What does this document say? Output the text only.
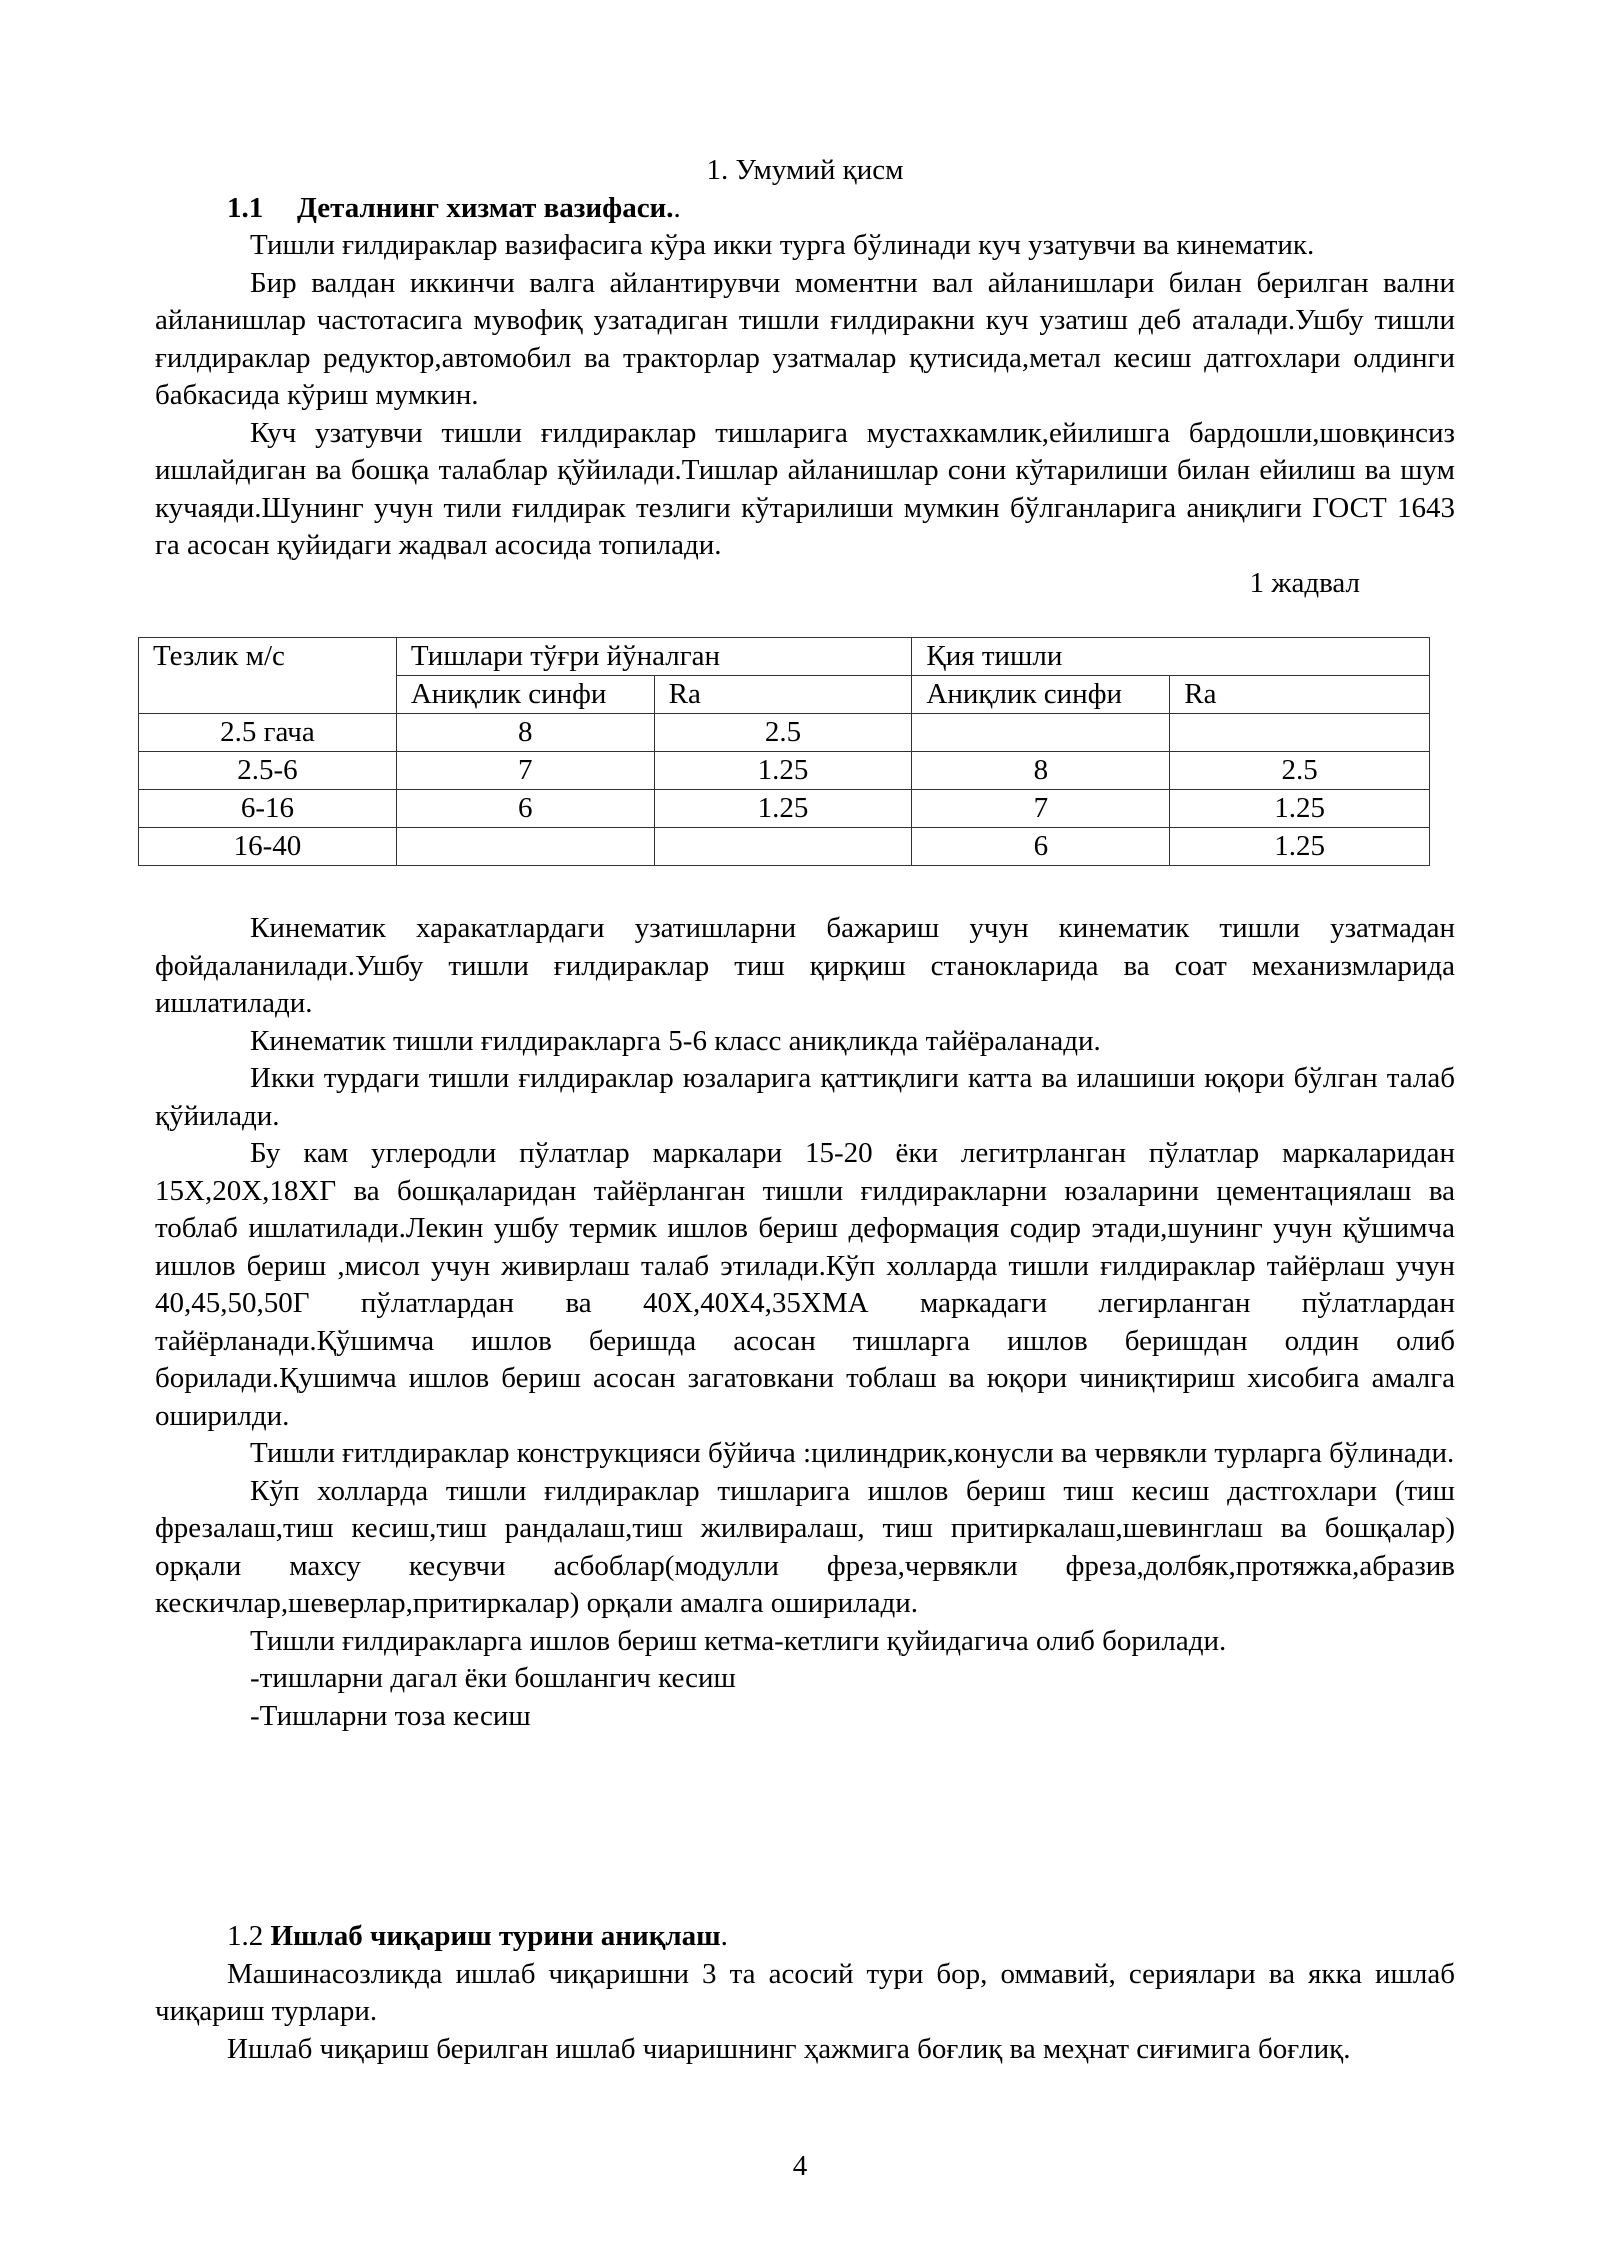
1. Умумий қисм

1.1 Деталнинг хизмат вазифаси..

Тишли ғилдираклар вазифасига кўра икки турга бўлинади куч узатувчи ва кинематик.

Бир валдан иккинчи валга айлантирувчи моментни вал айланишлари билан берилган вални айланишлар частотасига мувофиқ узатадиган тишли ғилдиракни куч узатиш деб аталади.Ушбу тишли ғилдираклар редуктор,автомобил ва тракторлар узатмалар қутисида,метал кесиш датгохлари олдинги бабкасида кўриш мумкин.

Куч узатувчи тишли ғилдираклар тишларига мустахкамлик,ейилишга бардошли,шовқинсиз ишлайдиган ва бошқа талаблар қўйилади.Тишлар айланишлар сони кўтарилиши билан ейилиш ва шум кучаяди.Шунинг учун тили ғилдирак тезлиги кўтарилиши мумкин бўлганларига аниқлиги ГОСТ 1643 га асосан қуйидаги жадвал асосида топилади.

1 жадвал

Тезлик м/с	Тишлари тўғри йўналган		Қия тишли	
	Аниқлик синфи	Ra	Аниқлик синфи	Ra
2.5 гача	8	2.5		
2.5-6	7	1.25	8	2.5
6-16	6	1.25	7	1.25
16-40			6	1.25

Кинематик харакатлардаги узатишларни бажариш учун кинематик тишли узатмадан фойдаланилади.Ушбу тишли ғилдираклар тиш қирқиш станокларида ва соат механизмларида ишлатилади.

Кинематик тишли ғилдиракларга 5-6 класс аниқликда тайёраланади.

Икки турдаги тишли ғилдираклар юзаларига қаттиқлиги катта ва илашиши юқори бўлган талаб қўйилади.

Бу кам углеродли пўлатлар маркалари 15-20 ёки легитрланган пўлатлар маркаларидан 15Х,20Х,18ХГ ва бошқаларидан тайёрланган тишли ғилдиракларни юзаларини цементациялаш ва тоблаб ишлатилади.Лекин ушбу термик ишлов бериш деформация содир этади,шунинг учун қўшимча ишлов бериш ,мисол учун живирлаш талаб этилади.Кўп холларда тишли ғилдираклар тайёрлаш учун 40,45,50,50Г пўлатлардан ва 40Х,40Х4,35ХМА маркадаги легирланган пўлатлардан тайёрланади.Қўшимча ишлов беришда асосан тишларга ишлов беришдан олдин олиб борилади.Қушимча ишлов бериш асосан загатовкани тоблаш ва юқори чиниқтириш хисобига амалга оширилди.

Тишли ғитлдираклар конструкцияси бўйича :цилиндрик,конусли ва червякли турларга бўлинади.

Кўп холларда тишли ғилдираклар тишларига ишлов бериш тиш кесиш дастгохлари (тиш фрезалаш,тиш кесиш,тиш рандалаш,тиш жилвиралаш, тиш притиркалаш,шевинглаш ва бошқалар) орқали махсу кесувчи асбоблар(модулли фреза,червякли фреза,долбяк,протяжка,абразив кескичлар,шеверлар,притиркалар) орқали амалга оширилади.

Тишли ғилдиракларга ишлов бериш кетма-кетлиги қуйидагича олиб борилади.

-тишларни дагал ёки бошлангич кесиш

-Тишларни тоза кесиш

1.2 Ишлаб чиқариш турини аниқлаш.

Машинасозликда ишлаб чиқаришни 3 та асосий тури бор, оммавий, сериялари ва якка ишлаб чиқариш турлари.

Ишлаб чиқариш берилган ишлаб чиаришнинг ҳажмига боғлиқ ва меҳнат сиғимига боғлиқ.

4
